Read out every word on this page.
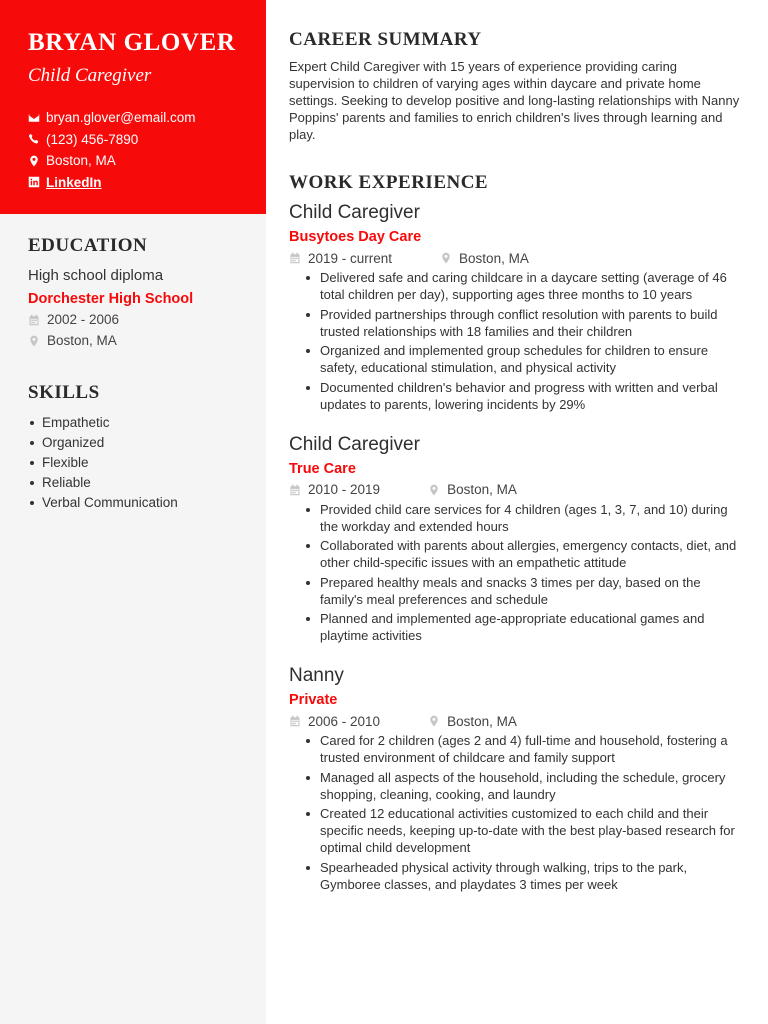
BRYAN GLOVER
Child Caregiver
bryan.glover@email.com
(123) 456-7890
Boston, MA
LinkedIn
EDUCATION
High school diploma
Dorchester High School
2002 - 2006
Boston, MA
SKILLS
Empathetic
Organized
Flexible
Reliable
Verbal Communication
CAREER SUMMARY

Expert Child Caregiver with 15 years of experience providing caring supervision to children of varying ages within daycare and private home settings. Seeking to develop positive and long-lasting relationships with Nanny Poppins' parents and families to enrich children's lives through learning and play.

WORK EXPERIENCE
Child Caregiver
Busytoes Day Care
2019 - current	Boston, MA
Delivered safe and caring childcare in a daycare setting (average of 46 total children per day), supporting ages three months to 10 years
Provided partnerships through conflict resolution with parents to build trusted relationships with 18 families and their children
Organized and implemented group schedules for children to ensure safety, educational stimulation, and physical activity
Documented children's behavior and progress with written and verbal updates to parents, lowering incidents by 29%
Child Caregiver
True Care
2010 - 2019	Boston, MA
Provided child care services for 4 children (ages 1, 3, 7, and 10) during the workday and extended hours
Collaborated with parents about allergies, emergency contacts, diet, and other child-specific issues with an empathetic attitude
Prepared healthy meals and snacks 3 times per day, based on the family's meal preferences and schedule
Planned and implemented age-appropriate educational games and playtime activities
Nanny
Private
2006 - 2010	Boston, MA
Cared for 2 children (ages 2 and 4) full-time and household, fostering a trusted environment of childcare and family support
Managed all aspects of the household, including the schedule, grocery shopping, cleaning, cooking, and laundry
Created 12 educational activities customized to each child and their specific needs, keeping up-to-date with the best play-based research for optimal child development
Spearheaded physical activity through walking, trips to the park, Gymboree classes, and playdates 3 times per week
